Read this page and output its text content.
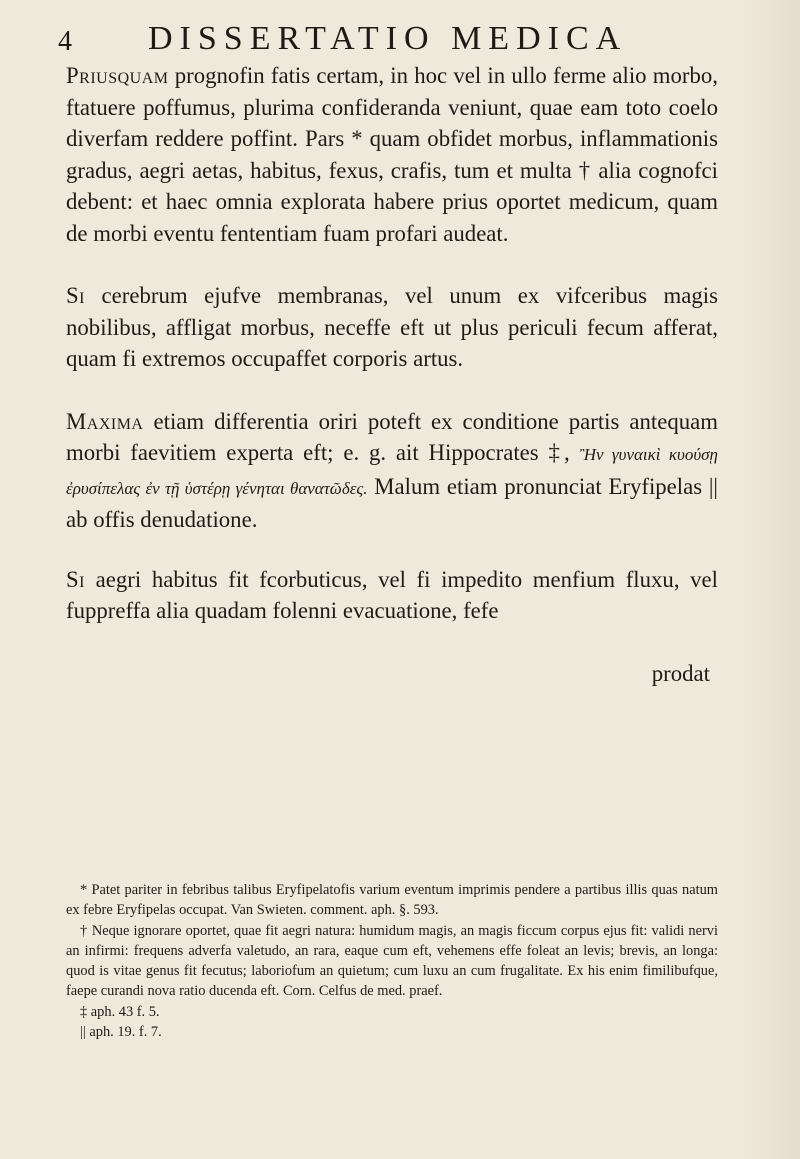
4 DISSERTATIO MEDICA

Priusquam prognofin fatis certam, in hoc vel in ullo ferme alio morbo, ftatuere poffumus, plurima confideranda veniunt, quae eam toto coelo diverfam reddere poffint. Pars * quam obfidet morbus, inflammationis gradus, aegri aetas, habitus, fexus, crafis, tum et multa † alia cognofci debent: et haec omnia explorata habere prius oportet medicum, quam de morbi eventu fententiam fuam profari audeat.

Si cerebrum ejufve membranas, vel unum ex vifceribus magis nobilibus, affligat morbus, neceffe eft ut plus periculi fecum afferat, quam fi extremos occupaffet corporis artus.

Maxima etiam differentia oriri poteft ex conditione partis antequam morbi faevitiem experta eft; e. g. ait Hippocrates ‡, Ἢν γυναικὶ κυούσῃ ἐρυσίπελας ἐν τῇ ὑστέρῃ γένηται θανατῶδες. Malum etiam pronunciat Eryfipelas || ab offis denudatione.

Si aegri habitus fit fcorbuticus, vel fi impedito menfium fluxu, vel fuppreffa alia quadam folenni evacuatione, fefe

prodat

* Patet pariter in febribus talibus Eryfipelatofis varium eventum imprimis pendere a partibus illis quas natum ex febre Eryfipelas occupat. Van Swieten. comment. aph. §. 593.

† Neque ignorare oportet, quae fit aegri natura: humidum magis, an magis ficcum corpus ejus fit: validi nervi an infirmi: frequens adverfa valetudo, an rara, eaque cum eft, vehemens effe foleat an levis; brevis, an longa: quod is vitae genus fit fecutus; laboriofum an quietum; cum luxu an cum frugalitate. Ex his enim fimilibufque, faepe curandi nova ratio ducenda eft. Corn. Celfus de med. praef.

‡ aph. 43 f. 5.

|| aph. 19. f. 7.
